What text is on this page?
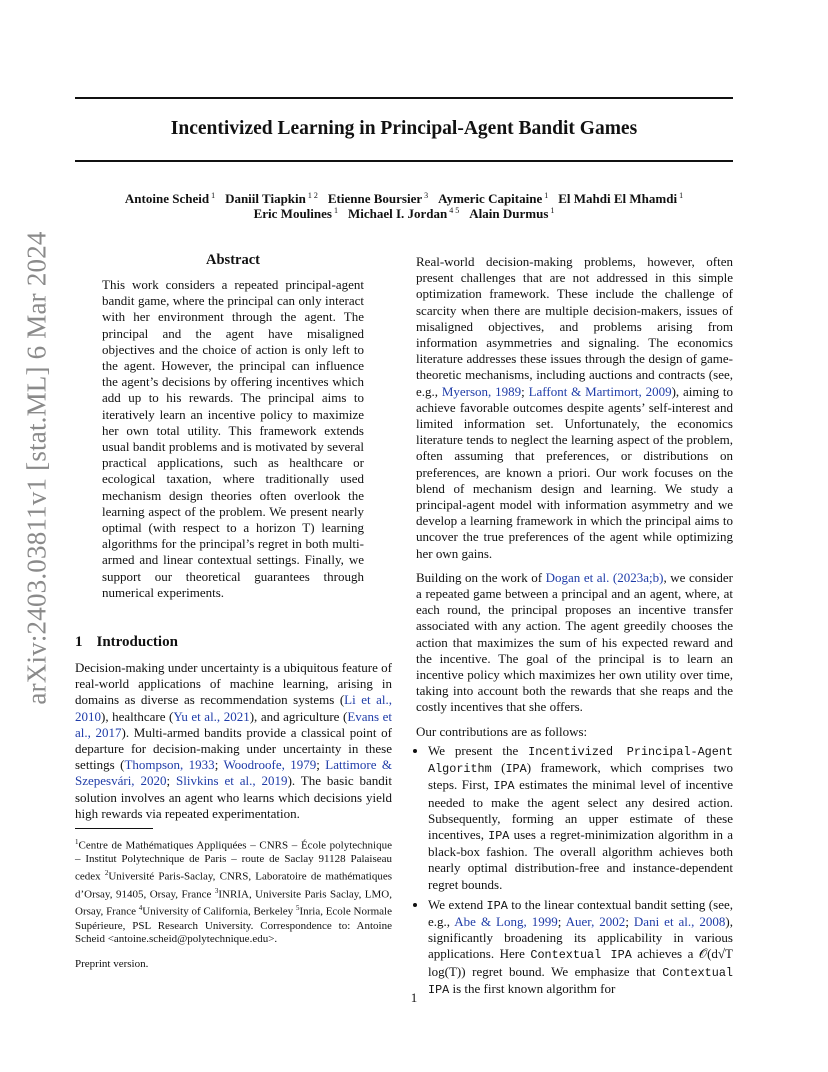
arXiv:2403.03811v1 [stat.ML] 6 Mar 2024
Incentivized Learning in Principal-Agent Bandit Games
Antoine Scheid $^1$ Daniil Tiapkin $^{1 2}$ Etienne Boursier $^3$ Aymeric Capitaine $^1$ El Mahdi El Mhamdi $^1$
Eric Moulines $^1$ Michael I. Jordan $^{4 5}$ Alain Durmus $^1$
Abstract
This work considers a repeated principal-agent bandit game, where the principal can only interact with her environment through the agent. The principal and the agent have misaligned objectives and the choice of action is only left to the agent. However, the principal can influence the agent’s decisions by offering incentives which add up to his rewards. The principal aims to iteratively learn an incentive policy to maximize her own total utility. This framework extends usual bandit problems and is motivated by several practical applications, such as healthcare or ecological taxation, where traditionally used mechanism design theories often overlook the learning aspect of the problem. We present nearly optimal (with respect to a horizon T) learning algorithms for the principal’s regret in both multi-armed and linear contextual settings. Finally, we support our theoretical guarantees through numerical experiments.
1 Introduction
Decision-making under uncertainty is a ubiquitous feature of real-world applications of machine learning, arising in domains as diverse as recommendation systems (Li et al., 2010), healthcare (Yu et al., 2021), and agriculture (Evans et al., 2017). Multi-armed bandits provide a classical point of departure for decision-making under uncertainty in these settings (Thompson, 1933; Woodroofe, 1979; Lattimore & Szepesvári, 2020; Slivkins et al., 2019). The basic bandit solution involves an agent who learns which decisions yield high rewards via repeated experimentation.
$^1$Centre de Mathématiques Appliquées – CNRS – École polytechnique – Institut Polytechnique de Paris – route de Saclay 91128 Palaiseau cedex $^2$Université Paris-Saclay, CNRS, Laboratoire de mathématiques d’Orsay, 91405, Orsay, France $^3$INRIA, Universite Paris Saclay, LMO, Orsay, France $^4$University of California, Berkeley $^5$Inria, Ecole Normale Supérieure, PSL Research University. Correspondence to: Antoine Scheid <antoine.scheid@polytechnique.edu>.
Preprint version.

Real-world decision-making problems, however, often present challenges that are not addressed in this simple optimization framework. These include the challenge of scarcity when there are multiple decision-makers, issues of misaligned objectives, and problems arising from information asymmetries and signaling. The economics literature addresses these issues through the design of game-theoretic mechanisms, including auctions and contracts (see, e.g., Myerson, 1989; Laffont & Martimort, 2009), aiming to achieve favorable outcomes despite agents’ self-interest and limited information set. Unfortunately, the economics literature tends to neglect the learning aspect of the problem, often assuming that preferences, or distributions on preferences, are known a priori. Our work focuses on the blend of mechanism design and learning. We study a principal-agent model with information asymmetry and we develop a learning framework in which the principal aims to uncover the true preferences of the agent while optimizing her own gains.

Building on the work of Dogan et al. (2023a;b), we consider a repeated game between a principal and an agent, where, at each round, the principal proposes an incentive transfer associated with any action. The agent greedily chooses the action that maximizes the sum of his expected reward and the incentive. The goal of the principal is to learn an incentive policy which maximizes her own utility over time, taking into account both the rewards that she reaps and the costly incentives that she offers.

Our contributions are as follows:

• We present the Incentivized Principal-Agent Algorithm (IPA) framework, which comprises two steps. First, IPA estimates the minimal level of incentive needed to make the agent select any desired action. Subsequently, forming an upper estimate of these incentives, IPA uses a regret-minimization algorithm in a black-box fashion. The overall algorithm achieves both nearly optimal distribution-free and instance-dependent regret bounds.
• We extend IPA to the linear contextual bandit setting (see, e.g., Abe & Long, 1999; Auer, 2002; Dani et al., 2008), significantly broadening its applicability in various applications. Here Contextual IPA achieves a 𝒪(d√T log(T)) regret bound. We emphasize that Contextual IPA is the first known algorithm for
1
